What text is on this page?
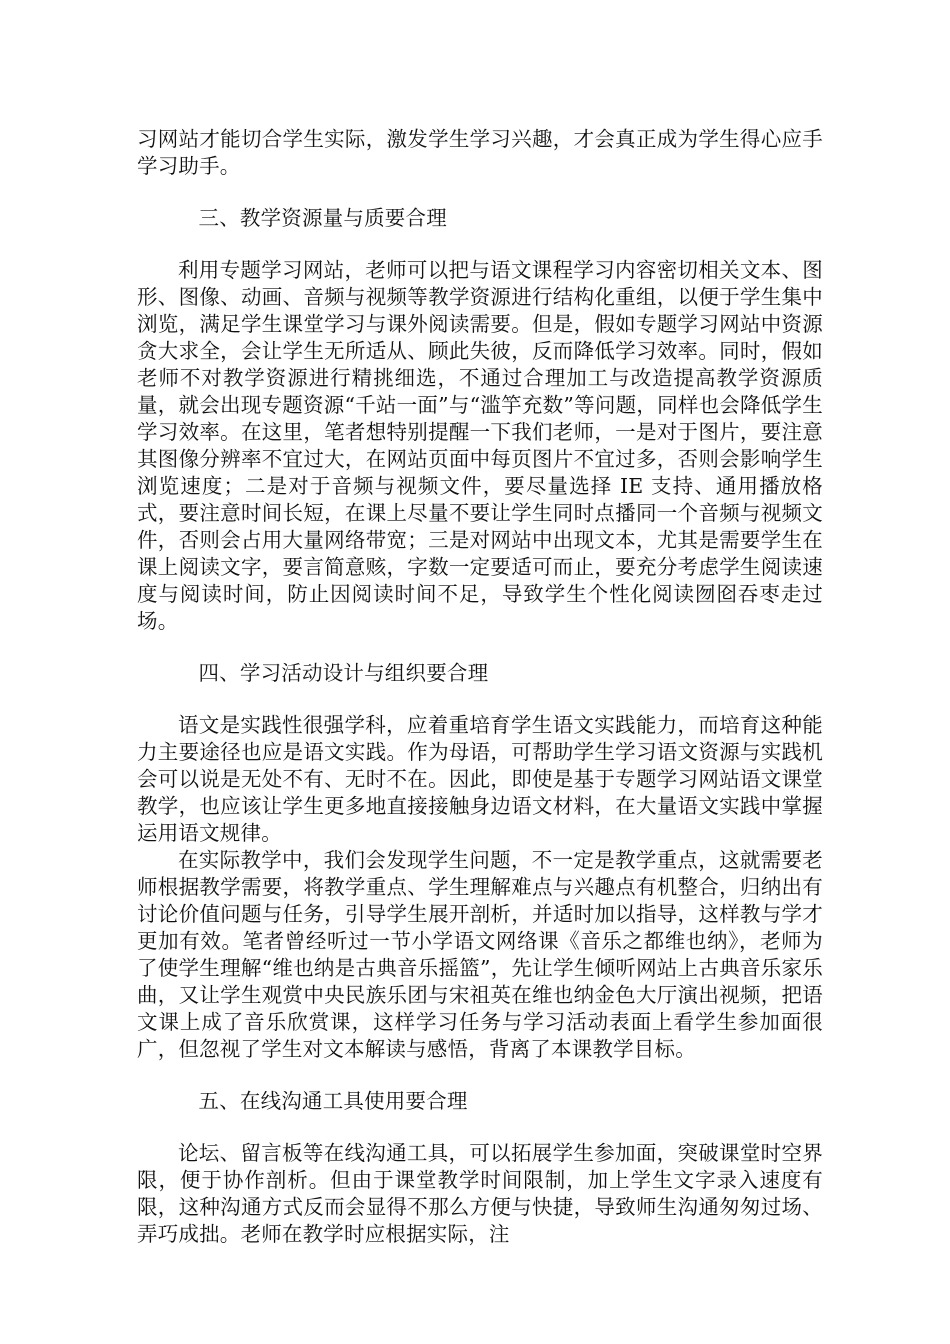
习网站才能切合学生实际，激发学生学习兴趣，才会真正成为学生得心应手学习助手。

三、教学资源量与质要合理

利用专题学习网站，老师可以把与语文课程学习内容密切相关文本、图形、图像、动画、音频与视频等教学资源进行结构化重组，以便于学生集中浏览，满足学生课堂学习与课外阅读需要。但是，假如专题学习网站中资源贪大求全，会让学生无所适从、顾此失彼，反而降低学习效率。同时，假如老师不对教学资源进行精挑细选，不通过合理加工与改造提高教学资源质量，就会出现专题资源“千站一面”与“滥竽充数”等问题，同样也会降低学生学习效率。在这里，笔者想特别提醒一下我们老师，一是对于图片，要注意其图像分辨率不宜过大，在网站页面中每页图片不宜过多，否则会影响学生浏览速度；二是对于音频与视频文件，要尽量选择 IE 支持、通用播放格式，要注意时间长短，在课上尽量不要让学生同时点播同一个音频与视频文件，否则会占用大量网络带宽；三是对网站中出现文本，尤其是需要学生在课上阅读文字，要言简意赅，字数一定要适可而止，要充分考虑学生阅读速度与阅读时间，防止因阅读时间不足，导致学生个性化阅读囫囵吞枣走过场。

四、学习活动设计与组织要合理

语文是实践性很强学科，应着重培育学生语文实践能力，而培育这种能力主要途径也应是语文实践。作为母语，可帮助学生学习语文资源与实践机会可以说是无处不有、无时不在。因此，即使是基于专题学习网站语文课堂教学，也应该让学生更多地直接接触身边语文材料，在大量语文实践中掌握运用语文规律。

在实际教学中，我们会发现学生问题，不一定是教学重点，这就需要老师根据教学需要，将教学重点、学生理解难点与兴趣点有机整合，归纳出有讨论价值问题与任务，引导学生展开剖析，并适时加以指导，这样教与学才更加有效。笔者曾经听过一节小学语文网络课《音乐之都维也纳》，老师为了使学生理解“维也纳是古典音乐摇篮”，先让学生倾听网站上古典音乐家乐曲，又让学生观赏中央民族乐团与宋祖英在维也纳金色大厅演出视频，把语文课上成了音乐欣赏课，这样学习任务与学习活动表面上看学生参加面很广，但忽视了学生对文本解读与感悟，背离了本课教学目标。

五、在线沟通工具使用要合理

论坛、留言板等在线沟通工具，可以拓展学生参加面，突破课堂时空界限，便于协作剖析。但由于课堂教学时间限制，加上学生文字录入速度有限，这种沟通方式反而会显得不那么方便与快捷，导致师生沟通匆匆过场、弄巧成拙。老师在教学时应根据实际，注
